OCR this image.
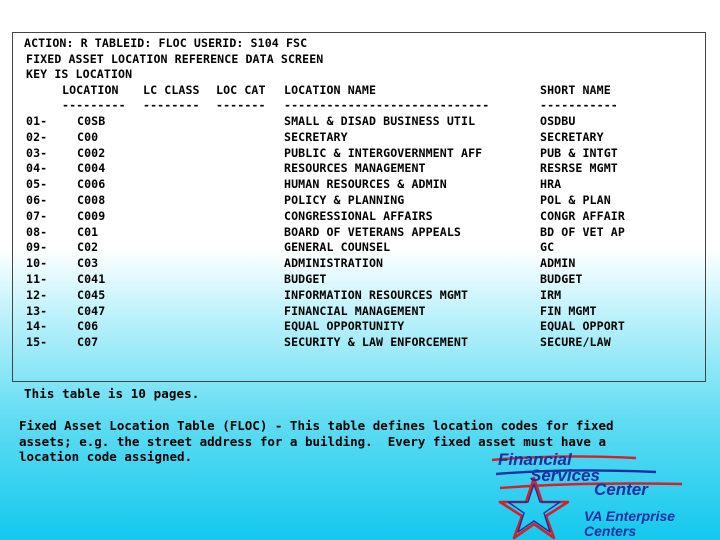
ACTION: R TABLEID: FLOC USERID: S104 FSC
FIXED ASSET LOCATION REFERENCE DATA SCREEN
KEY IS LOCATION
LOCATION LC CLASS LOC CAT LOCATION NAME	SHORT NAME
--------- -------- ------- -----------------------------	-----------
01-	C0SB	SMALL & DISAD BUSINESS UTIL	OSDBU
02-	C00	SECRETARY	SECRETARY
03-	C002	PUBLIC & INTERGOVERNMENT AFF	PUB & INTGT
04-	C004	RESOURCES MANAGEMENT	RESRSE MGMT
05-	C006	HUMAN RESOURCES & ADMIN	HRA
06-	C008	POLICY & PLANNING	POL & PLAN
07-	C009	CONGRESSIONAL AFFAIRS	CONGR AFFAIR
08-	C01	BOARD OF VETERANS APPEALS	BD OF VET AP
09-	C02	GENERAL COUNSEL	GC
10-	C03	ADMINISTRATION	ADMIN
11-	C041	BUDGET	BUDGET
12-	C045	INFORMATION RESOURCES MGMT	IRM
13-	C047	FINANCIAL MANAGEMENT	FIN MGMT
14-	C06	EQUAL OPPORTUNITY	EQUAL OPPORT
15-	C07	SECURITY & LAW ENFORCEMENT	SECURE/LAW
This table is 10 pages.
Fixed Asset Location Table (FLOC) - This table defines location codes for fixed
assets; e.g. the street address for a building.  Every fixed asset must have a
location code assigned.	Financial
Services
Center
VA Enterprise
Centers
